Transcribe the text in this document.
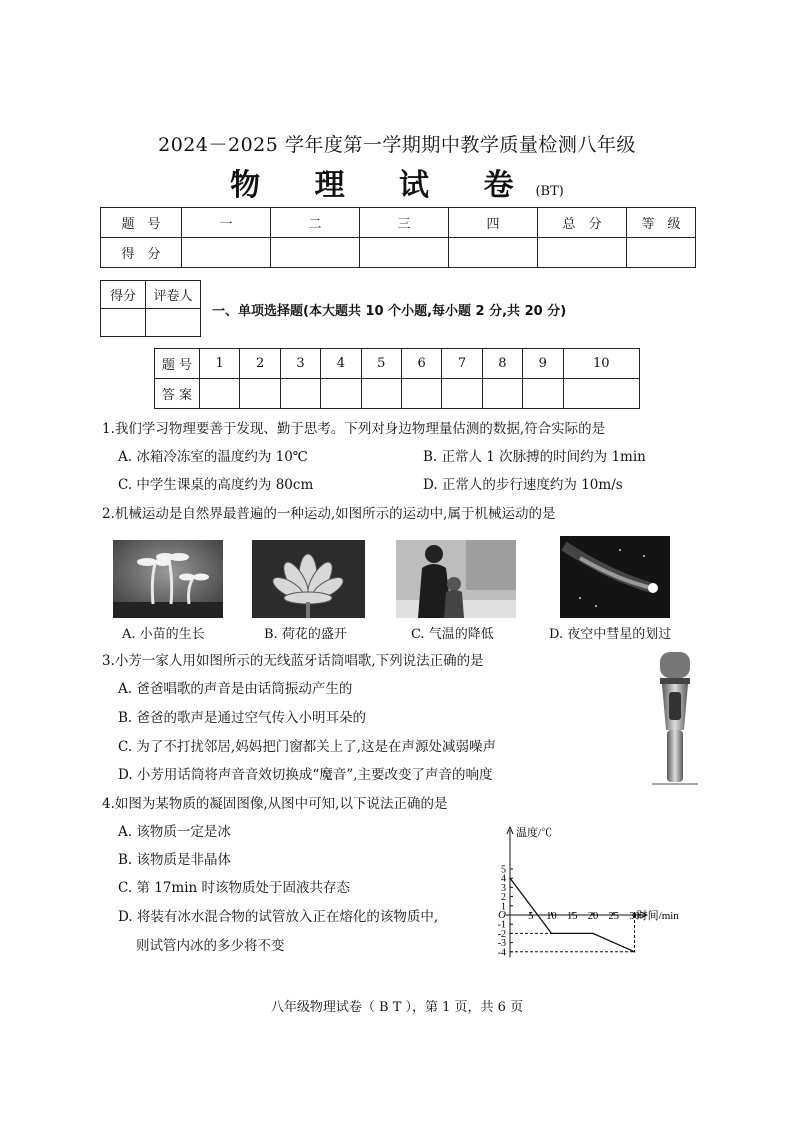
2024－2025 学年度第一学期期中教学质量检测八年级
物 理 试 卷(BT)
题　号	一	二	三	四	总　分	等　级
得　分						
得分	评卷人

一、单项选择题(本大题共 10 个小题,每小题 2 分,共 20 分)
题 号	1	2	3	4	5	6	7	8	9	10
答 案										
1.我们学习物理要善于发现、勤于思考。下列对身边物理量估测的数据,符合实际的是
A. 冰箱冷冻室的温度约为 10℃	B. 正常人 1 次脉搏的时间约为 1min
C. 中学生课桌的高度约为 80cm	D. 正常人的步行速度约为 10m/s
2.机械运动是自然界最普遍的一种运动,如图所示的运动中,属于机械运动的是
A. 小苗的生长	B. 荷花的盛开	C. 气温的降低	D. 夜空中彗星的划过
3.小芳一家人用如图所示的无线蓝牙话筒唱歌,下列说法正确的是
A. 爸爸唱歌的声音是由话筒振动产生的
B. 爸爸的歌声是通过空气传入小明耳朵的
C. 为了不打扰邻居,妈妈把门窗都关上了,这是在声源处减弱噪声
D. 小芳用话筒将声音音效切换成“魔音”,主要改变了声音的响度
4.如图为某物质的凝固图像,从图中可知,以下说法正确的是
A. 该物质一定是冰
B. 该物质是非晶体
C. 第 17min 时该物质处于固液共存态
D. 将装有冰水混合物的试管放入正在熔化的该物质中,
则试管内冰的多少将不变
温度/℃
时间/min
O
5
4
3
2
1
-1
-2
-3
-4
5 10 15 20 25 30
八年级物理试卷（ B T ），第 1 页，共 6 页
